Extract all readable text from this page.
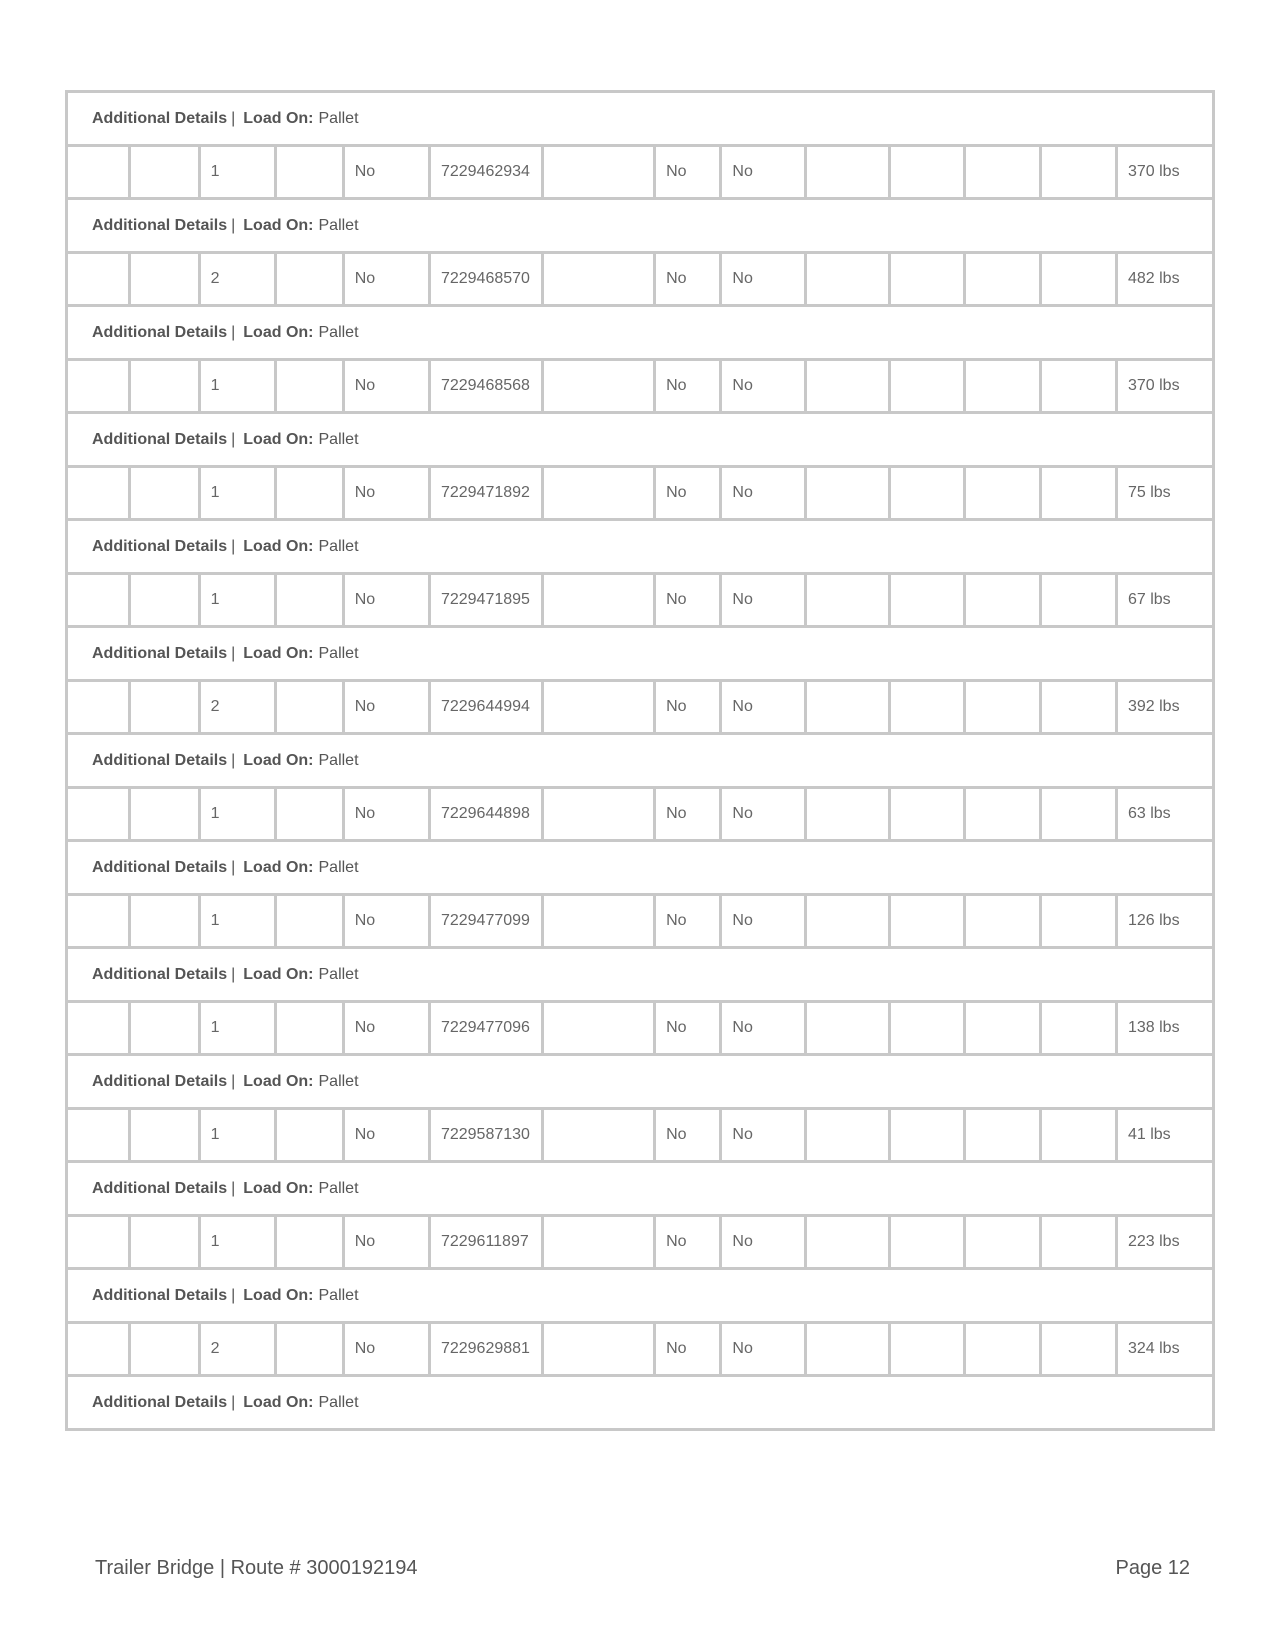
Additional Details | Load On: Pallet													
		1		No	7229462934		No	No					370 lbs
Additional Details | Load On: Pallet													
		2		No	7229468570		No	No					482 lbs
Additional Details | Load On: Pallet													
		1		No	7229468568		No	No					370 lbs
Additional Details | Load On: Pallet													
		1		No	7229471892		No	No					75 lbs
Additional Details | Load On: Pallet													
		1		No	7229471895		No	No					67 lbs
Additional Details | Load On: Pallet													
		2		No	7229644994		No	No					392 lbs
Additional Details | Load On: Pallet													
		1		No	7229644898		No	No					63 lbs
Additional Details | Load On: Pallet													
		1		No	7229477099		No	No					126 lbs
Additional Details | Load On: Pallet													
		1		No	7229477096		No	No					138 lbs
Additional Details | Load On: Pallet													
		1		No	7229587130		No	No					41 lbs
Additional Details | Load On: Pallet													
		1		No	7229611897		No	No					223 lbs
Additional Details | Load On: Pallet													
		2		No	7229629881		No	No					324 lbs
Additional Details | Load On: Pallet													
Trailer Bridge | Route # 3000192194	Page 12
